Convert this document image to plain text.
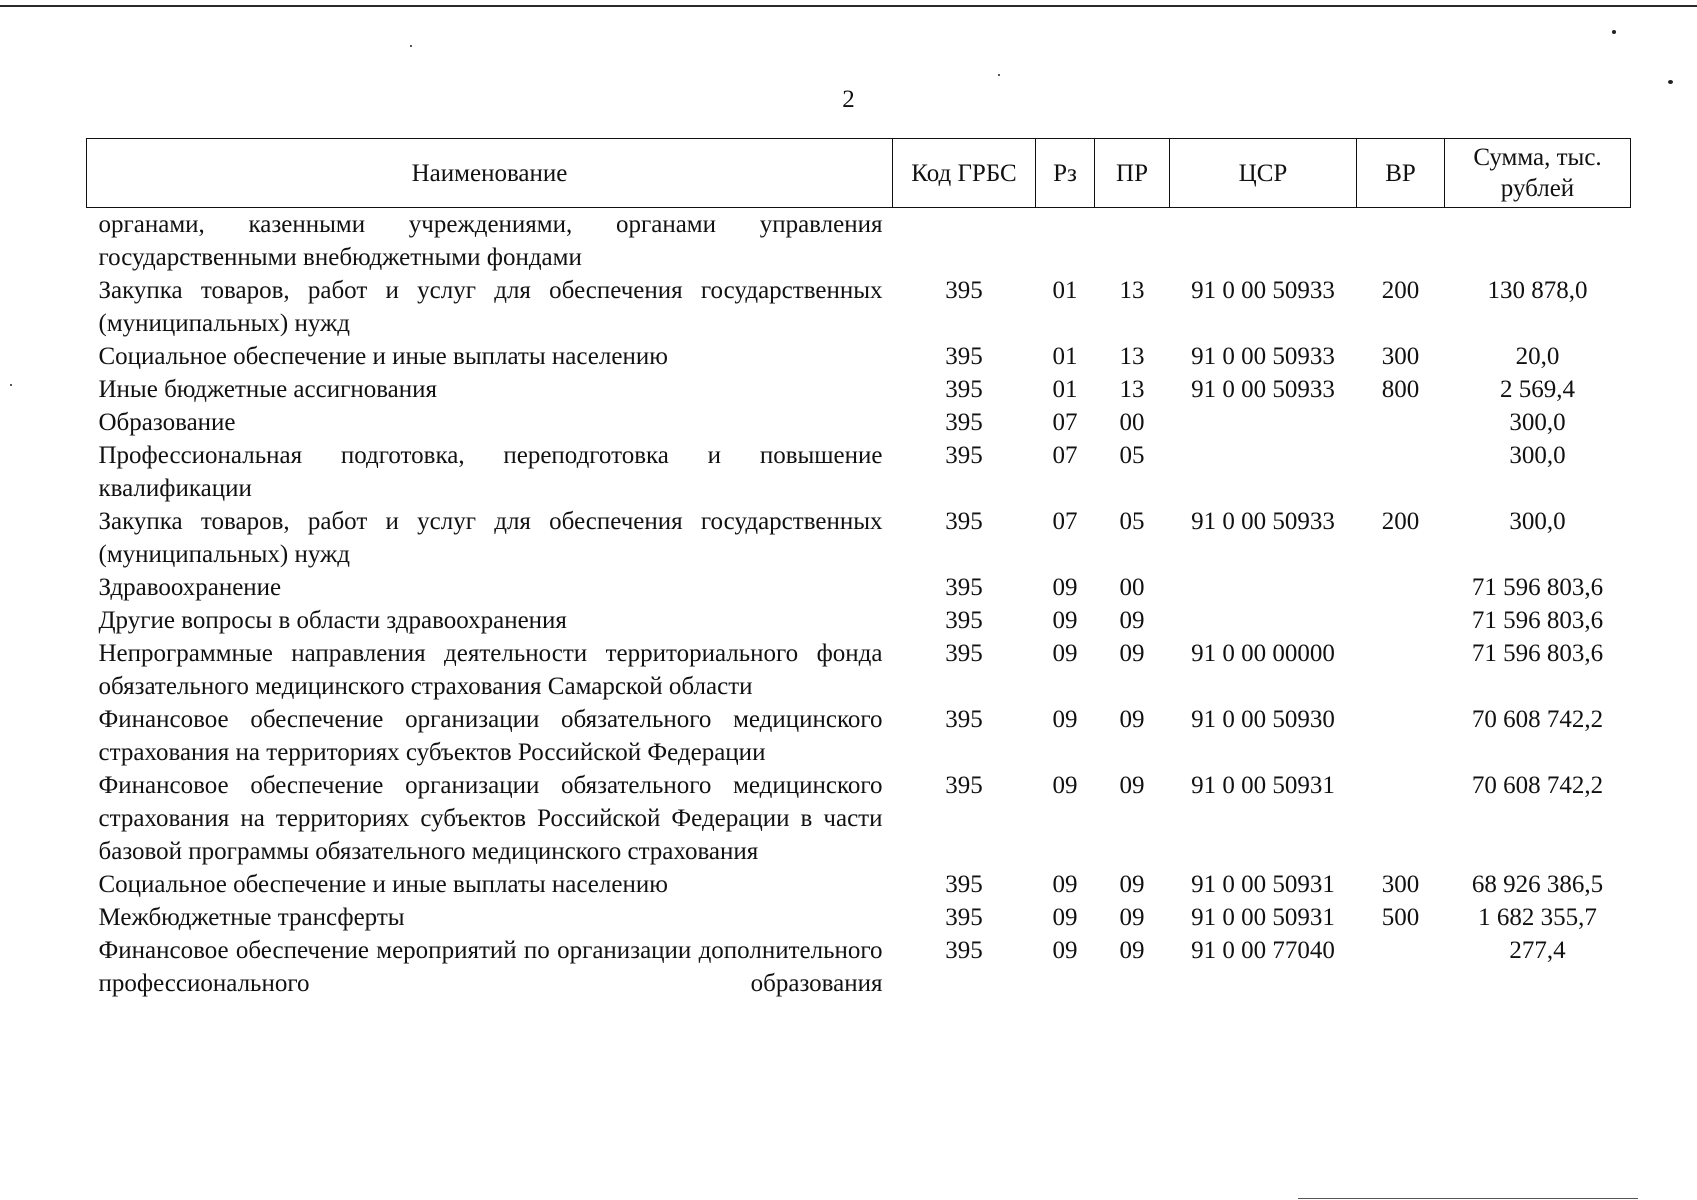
2
Наименование	Код ГРБС	Рз	ПР	ЦСР	ВР	Сумма, тыс. рублей
органами, казенными учреждениями, органами управления государственными внебюджетными фондами						
Закупка товаров, работ и услуг для обеспечения государственных (муниципальных) нужд	395	01	13	91 0 00 50933	200	130 878,0
Социальное обеспечение и иные выплаты населению	395	01	13	91 0 00 50933	300	20,0
Иные бюджетные ассигнования	395	01	13	91 0 00 50933	800	2 569,4
Образование	395	07	00			300,0
Профессиональная подготовка, переподготовка и повышение квалификации	395	07	05			300,0
Закупка товаров, работ и услуг для обеспечения государственных (муниципальных) нужд	395	07	05	91 0 00 50933	200	300,0
Здравоохранение	395	09	00			71 596 803,6
Другие вопросы в области здравоохранения	395	09	09			71 596 803,6
Непрограммные направления деятельности территориального фонда обязательного медицинского страхования Самарской области	395	09	09	91 0 00 00000		71 596 803,6
Финансовое обеспечение организации обязательного медицинского страхования на территориях субъектов Российской Федерации	395	09	09	91 0 00 50930		70 608 742,2
Финансовое обеспечение организации обязательного медицинского страхования на территориях субъектов Российской Федерации в части базовой программы обязательного медицинского страхования	395	09	09	91 0 00 50931		70 608 742,2
Социальное обеспечение и иные выплаты населению	395	09	09	91 0 00 50931	300	68 926 386,5
Межбюджетные трансферты	395	09	09	91 0 00 50931	500	1 682 355,7
Финансовое обеспечение мероприятий по организации дополнительного профессионального образования	395	09	09	91 0 00 77040		277,4
